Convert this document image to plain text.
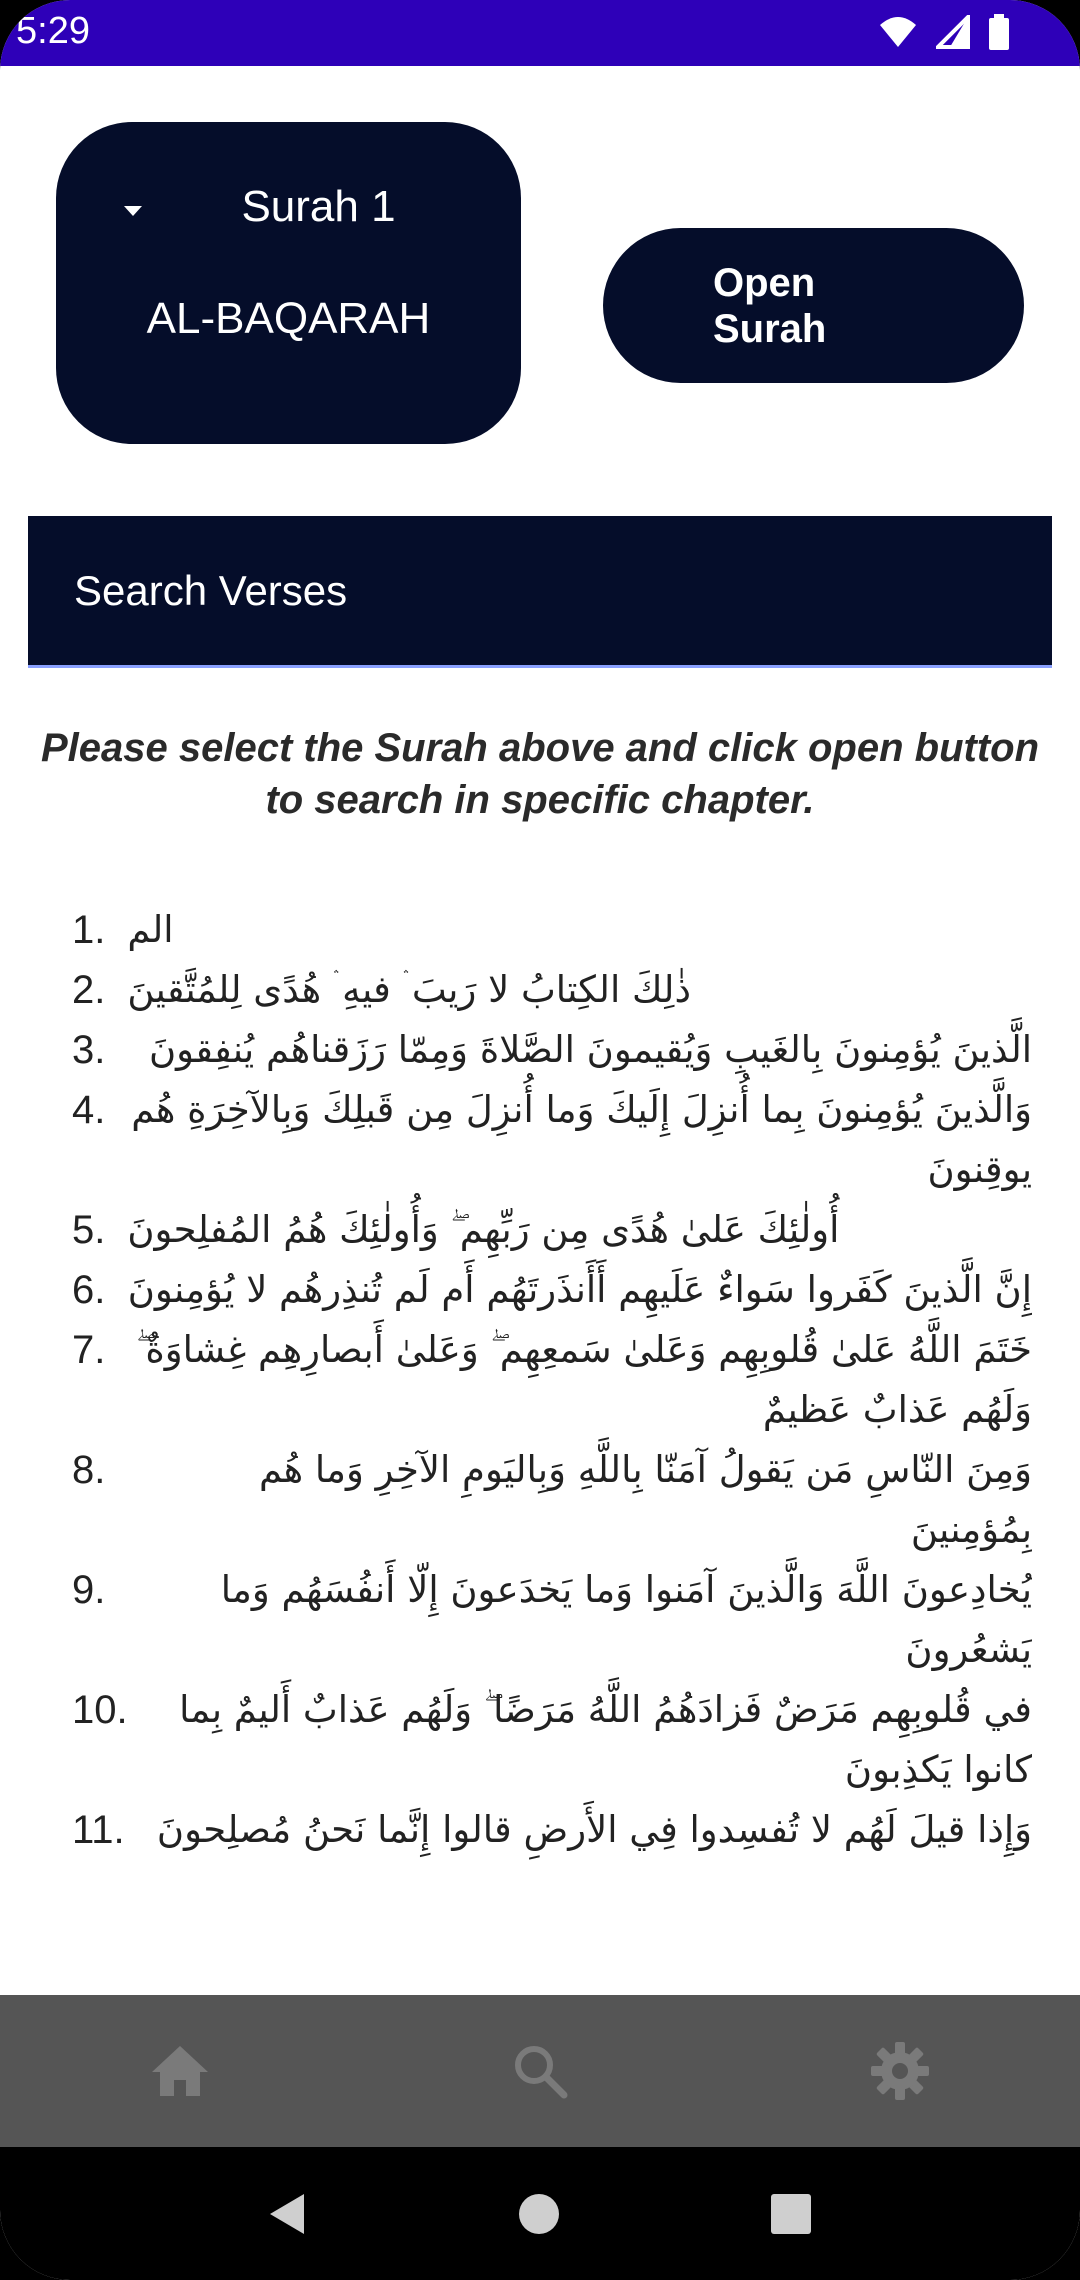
5:29
Surah 1
AL-BAQARAH
Open Surah
Search Verses
Please select the Surah above and click open button to search in specific chapter.
1. الم
2. ذٰلِكَ الكِتابُ لا رَيبَ ۛ فيهِ ۛ هُدًى لِلمُتَّقينَ
3.	الَّذينَ يُؤمِنونَ بِالغَيبِ وَيُقيمونَ الصَّلاةَ وَمِمّا رَزَقناهُم يُنفِقونَ
4. وَالَّذينَ يُؤمِنونَ بِما أُنزِلَ إِلَيكَ وَما أُنزِلَ مِن قَبلِكَ وَبِالآخِرَةِ هُم يوقِنونَ
5. أُولٰئِكَ عَلىٰ هُدًى مِن رَبِّهِم ۖ وَأُولٰئِكَ هُمُ المُفلِحونَ
6. إِنَّ الَّذينَ كَفَروا سَواءٌ عَلَيهِم أَأَنذَرتَهُم أَم لَم تُنذِرهُم لا يُؤمِنونَ
7. خَتَمَ اللَّهُ عَلىٰ قُلوبِهِم وَعَلىٰ سَمعِهِم ۖ وَعَلىٰ أَبصارِهِم غِشاوَةٌ ۖ وَلَهُم عَذابٌ عَظيمٌ
8.	وَمِنَ النّاسِ مَن يَقولُ آمَنّا بِاللَّهِ وَبِاليَومِ الآخِرِ وَما هُم بِمُؤمِنينَ
9.	يُخادِعونَ اللَّهَ وَالَّذينَ آمَنوا وَما يَخدَعونَ إِلّا أَنفُسَهُم وَما يَشعُرونَ
10.	في قُلوبِهِم مَرَضٌ فَزادَهُمُ اللَّهُ مَرَضًا ۖ وَلَهُم عَذابٌ أَليمٌ بِما كانوا يَكذِبونَ
11. وَإِذا قيلَ لَهُم لا تُفسِدوا فِي الأَرضِ قالوا إِنَّما نَحنُ مُصلِحونَ
